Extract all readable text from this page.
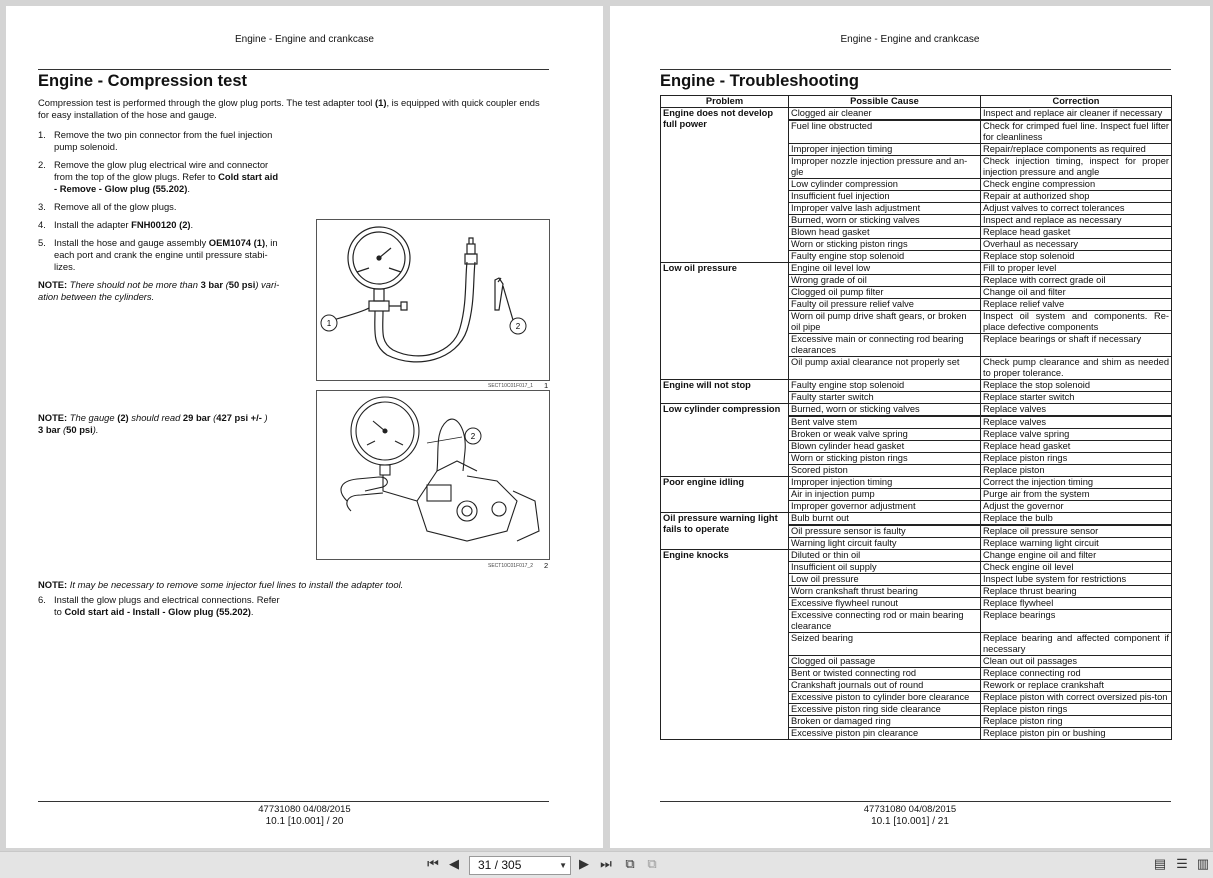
Engine - Engine and crankcase
Engine - Compression test

Compression test is performed through the glow plug ports. The test adapter tool (1), is equipped with quick coupler ends for easy installation of the hose and gauge.

1. Remove the two pin connector from the fuel injection
pump solenoid.
2. Remove the glow plug electrical wire and connector
from the top of the glow plugs. Refer to Cold start aid
- Remove - Glow plug (55.202).
3. Remove all of the glow plugs.
4. Install the adapter FNH00120 (2).
5. Install the hose and gauge assembly OEM1074 (1), in
each port and crank the engine until pressure stabi-
lizes.
NOTE: There should not be more than 3 bar (50 psi) vari-
ation between the cylinders.
1	2
SECT10C01F017_1 1
NOTE: The gauge (2) should read 29 bar (427 psi +/- )
3 bar (50 psi).
2
SECT10C01F017_2 2
NOTE: It may be necessary to remove some injector fuel lines to install the adapter tool.
6. Install the glow plugs and electrical connections. Refer
to Cold start aid - Install - Glow plug (55.202).
47731080 04/08/2015
10.1 [10.001] / 20
Engine - Engine and crankcase
Engine - Troubleshooting
Problem	Possible Cause	Correction
Engine does not develop full power	Clogged air cleaner	Inspect and replace air cleaner if necessary

	Fuel line obstructed	Check for crimped fuel line. Inspect fuel lifter for cleanliness
	Improper injection timing	Repair/replace components as required
	Improper nozzle injection pressure and an-gle	Check injection timing, inspect for proper injection pressure and angle
	Low cylinder compression	Check engine compression
	Insufficient fuel injection	Repair at authorized shop
	Improper valve lash adjustment	Adjust valves to correct tolerances
	Burned, worn or sticking valves	Inspect and replace as necessary
	Blown head gasket	Replace head gasket
	Worn or sticking piston rings	Overhaul as necessary
	Faulty engine stop solenoid	Replace stop solenoid
Low oil pressure	Engine oil level low	Fill to proper level
	Wrong grade of oil	Replace with correct grade oil
	Clogged oil pump filter	Change oil and filter
	Faulty oil pressure relief valve	Replace relief valve
	Worn oil pump drive shaft gears, or broken oil pipe	Inspect oil system and components. Re-place defective components
	Excessive main or connecting rod bearing clearances	Replace bearings or shaft if necessary
	Oil pump axial clearance not properly set	Check pump clearance and shim as needed to proper tolerance.
Engine will not stop	Faulty engine stop solenoid	Replace the stop solenoid
	Faulty starter switch	Replace starter switch
Low cylinder compression	Burned, worn or sticking valves	Replace valves

	Bent valve stem	Replace valves
	Broken or weak valve spring	Replace valve spring
	Blown cylinder head gasket	Replace head gasket
	Worn or sticking piston rings	Replace piston rings
	Scored piston	Replace piston
Poor engine idling	Improper injection timing	Correct the injection timing
	Air in injection pump	Purge air from the system
	Improper governor adjustment	Adjust the governor
Oil pressure warning light fails to operate	Bulb burnt out	Replace the bulb

	Oil pressure sensor is faulty	Replace oil pressure sensor
	Warning light circuit faulty	Replace warning light circuit
Engine knocks	Diluted or thin oil	Change engine oil and filter
	Insufficient oil supply	Check engine oil level
	Low oil pressure	Inspect lube system for restrictions
	Worn crankshaft thrust bearing	Replace thrust bearing
	Excessive flywheel runout	Replace flywheel
	Excessive connecting rod or main bearing clearance	Replace bearings
	Seized bearing	Replace bearing and affected component if necessary
	Clogged oil passage	Clean out oil passages
	Bent or twisted connecting rod	Replace connecting rod
	Crankshaft journals out of round	Rework or replace crankshaft
	Excessive piston to cylinder bore clearance	Replace piston with correct oversized pis-ton
	Excessive piston ring side clearance	Replace piston rings
	Broken or damaged ring	Replace piston ring
	Excessive piston pin clearance	Replace piston pin or bushing
47731080 04/08/2015
10.1 [10.001] / 21
⏮ ◀ 31 / 305	▼ ▶ ⏭ ⧉ ⧉	▤ ☰ ▥
